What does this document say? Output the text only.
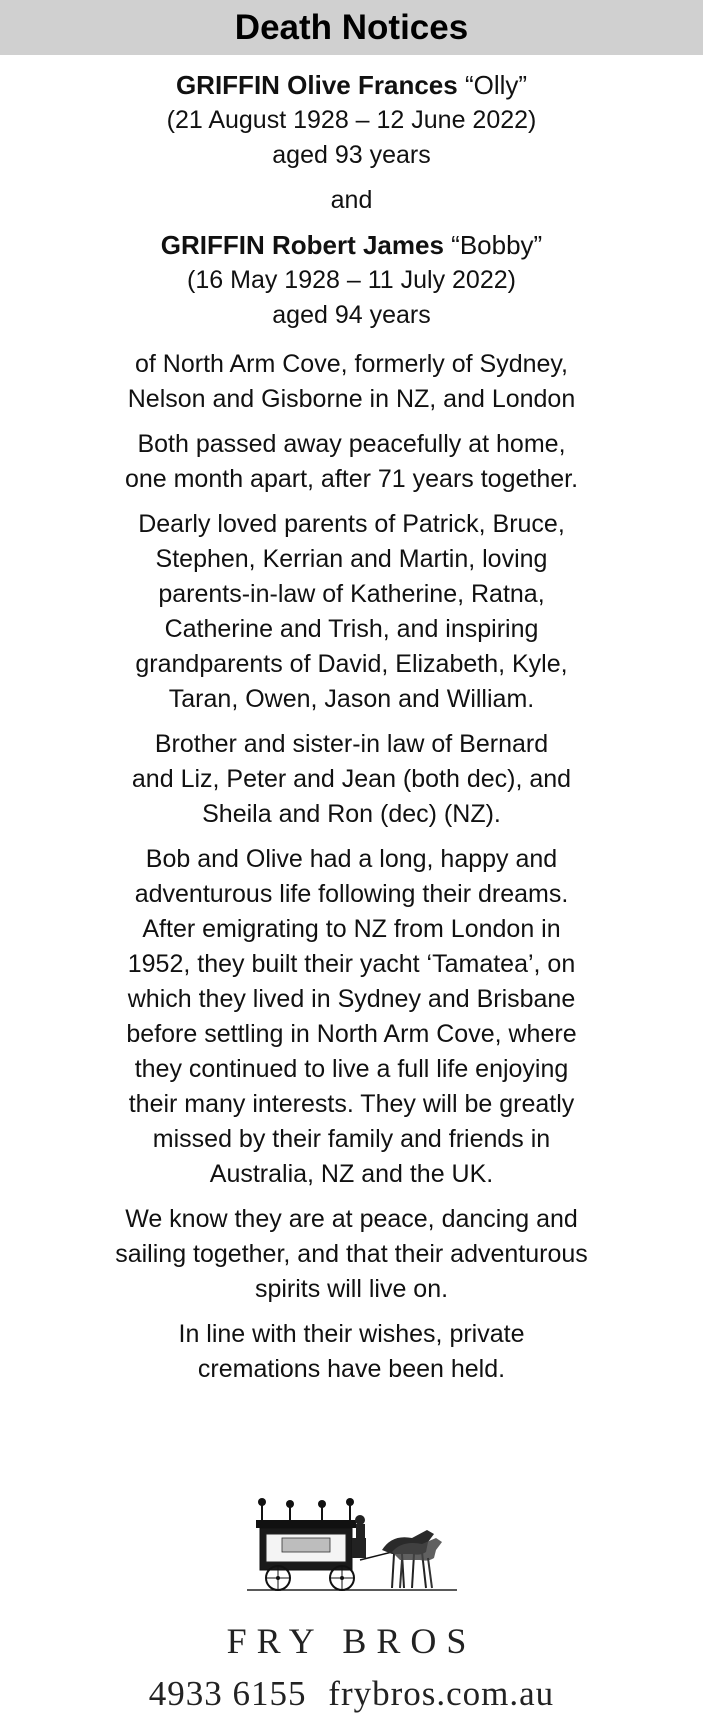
Death Notices
GRIFFIN Olive Frances “Olly”
(21 August 1928 – 12 June 2022)
aged 93 years
and
GRIFFIN Robert James “Bobby”
(16 May 1928 – 11 July 2022)
aged 94 years
of North Arm Cove, formerly of Sydney,
Nelson and Gisborne in NZ, and London
Both passed away peacefully at home,
one month apart, after 71 years together.
Dearly loved parents of Patrick, Bruce,
Stephen, Kerrian and Martin, loving
parents-in-law of Katherine, Ratna,
Catherine and Trish, and inspiring
grandparents of David, Elizabeth, Kyle,
Taran, Owen, Jason and William.
Brother and sister-in law of Bernard
and Liz, Peter and Jean (both dec), and
Sheila and Ron (dec) (NZ).
Bob and Olive had a long, happy and
adventurous life following their dreams.
After emigrating to NZ from London in
1952, they built their yacht ‘Tamatea’, on
which they lived in Sydney and Brisbane
before settling in North Arm Cove, where
they continued to live a full life enjoying
their many interests. They will be greatly
missed by their family and friends in
Australia, NZ and the UK.
We know they are at peace, dancing and
sailing together, and that their adventurous
spirits will live on.
In line with their wishes, private
cremations have been held.
FRY BROS
4933 6155 frybros.com.au
